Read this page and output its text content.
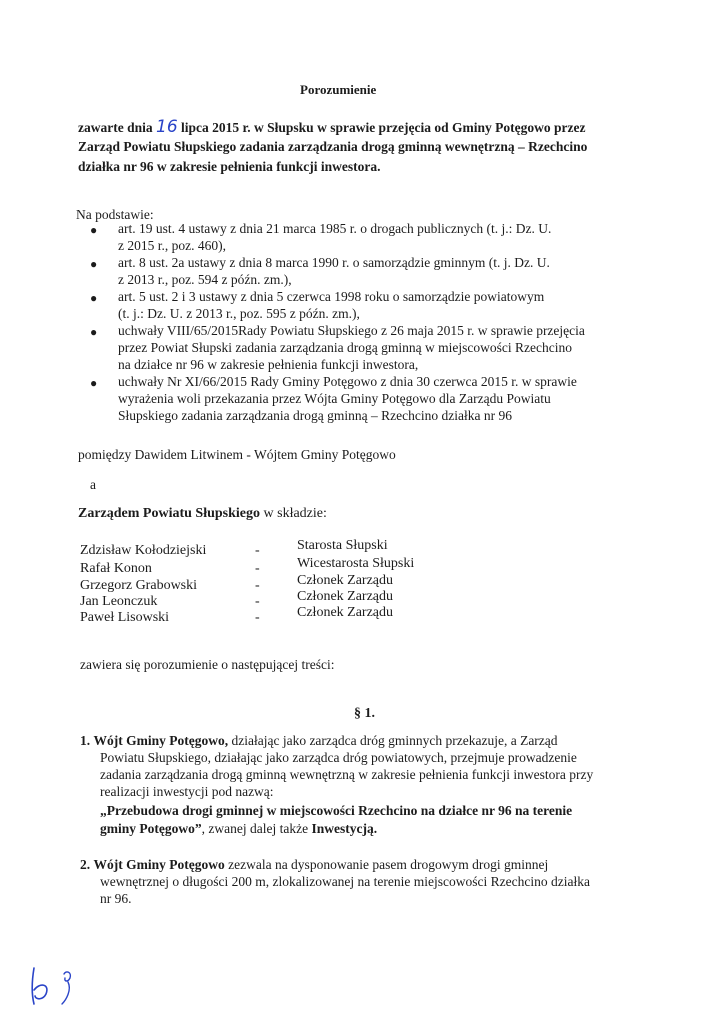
Porozumienie
zawarte dnia 16 lipca 2015 r. w Słupsku w sprawie przejęcia od Gminy Potęgowo przez
Zarząd Powiatu Słupskiego zadania zarządzania drogą gminną wewnętrzną – Rzechcino
działka nr 96 w zakresie pełnienia funkcji inwestora.
Na podstawie:
● art. 19 ust. 4 ustawy z dnia 21 marca 1985 r. o drogach publicznych (t. j.: Dz. U.
z 2015 r., poz. 460),
● art. 8 ust. 2a ustawy z dnia 8 marca 1990 r. o samorządzie gminnym (t. j. Dz. U.
z 2013 r., poz. 594 z późn. zm.),
● art. 5 ust. 2 i 3 ustawy z dnia 5 czerwca 1998 roku o samorządzie powiatowym
(t. j.: Dz. U. z 2013 r., poz. 595 z późn. zm.),
● uchwały VIII/65/2015Rady Powiatu Słupskiego z 26 maja 2015 r. w sprawie przejęcia
przez Powiat Słupski zadania zarządzania drogą gminną w miejscowości Rzechcino
na działce nr 96 w zakresie pełnienia funkcji inwestora,
● uchwały Nr XI/66/2015 Rady Gminy Potęgowo z dnia 30 czerwca 2015 r. w sprawie
wyrażenia woli przekazania przez Wójta Gminy Potęgowo dla Zarządu Powiatu
Słupskiego zadania zarządzania drogą gminną – Rzechcino działka nr 96
pomiędzy Dawidem Litwinem - Wójtem Gminy Potęgowo
a
Zarządem Powiatu Słupskiego w składzie:
Zdzisław Kołodziejski	-	Starosta Słupski
Rafał Konon	-	Wicestarosta Słupski
Grzegorz Grabowski	-	Członek Zarządu
Jan Leonczuk	-	Członek Zarządu
Paweł Lisowski	-	Członek Zarządu
zawiera się porozumienie o następującej treści:
§ 1.
1. Wójt Gminy Potęgowo, działając jako zarządca dróg gminnych przekazuje, a Zarząd
Powiatu Słupskiego, działając jako zarządca dróg powiatowych, przejmuje prowadzenie
zadania zarządzania drogą gminną wewnętrzną w zakresie pełnienia funkcji inwestora przy
realizacji inwestycji pod nazwą:
„Przebudowa drogi gminnej w miejscowości Rzechcino na działce nr 96 na terenie
gminy Potęgowo”, zwanej dalej także Inwestycją.
2. Wójt Gminy Potęgowo zezwala na dysponowanie pasem drogowym drogi gminnej
wewnętrznej o długości 200 m, zlokalizowanej na terenie miejscowości Rzechcino działka
nr 96.
